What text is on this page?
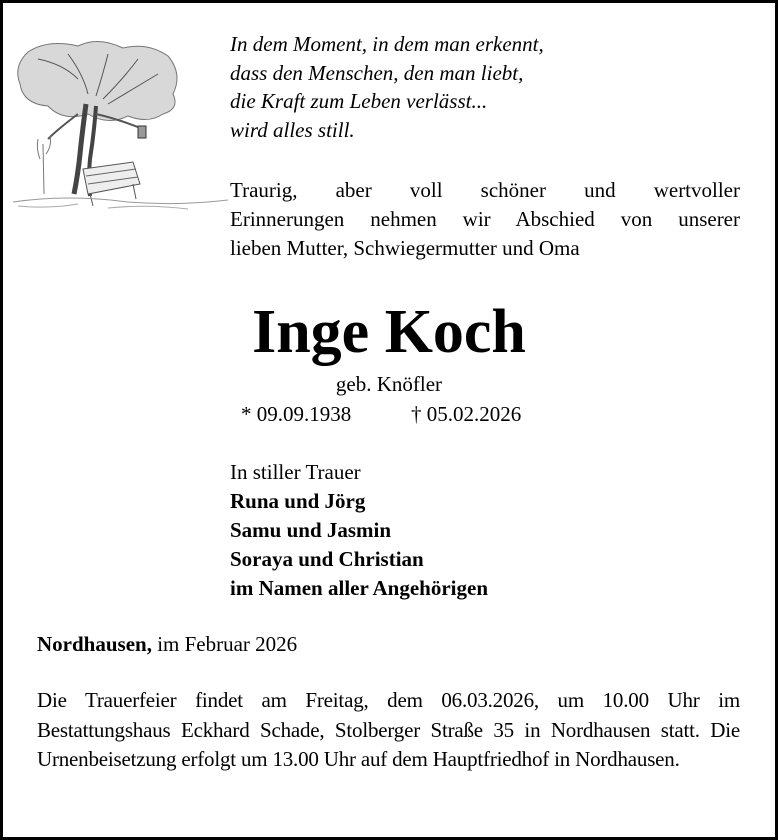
In dem Moment, in dem man erkennt,
dass den Menschen, den man liebt,
die Kraft zum Leben verlässt...
wird alles still.
Traurig, aber voll schöner und wertvoller
Erinnerungen nehmen wir Abschied von unserer
lieben Mutter, Schwiegermutter und Oma
Inge Koch
geb. Knöfler
* 09.09.1938	† 05.02.2026
In stiller Trauer
Runa und Jörg
Samu und Jasmin
Soraya und Christian
im Namen aller Angehörigen
Nordhausen, im Februar 2026
Die Trauerfeier findet am Freitag, dem 06.03.2026, um 10.00 Uhr im Bestattungshaus Eckhard Schade, Stolberger Straße 35 in Nordhausen statt. Die Urnenbeisetzung erfolgt um 13.00 Uhr auf dem Hauptfriedhof in Nordhausen.
